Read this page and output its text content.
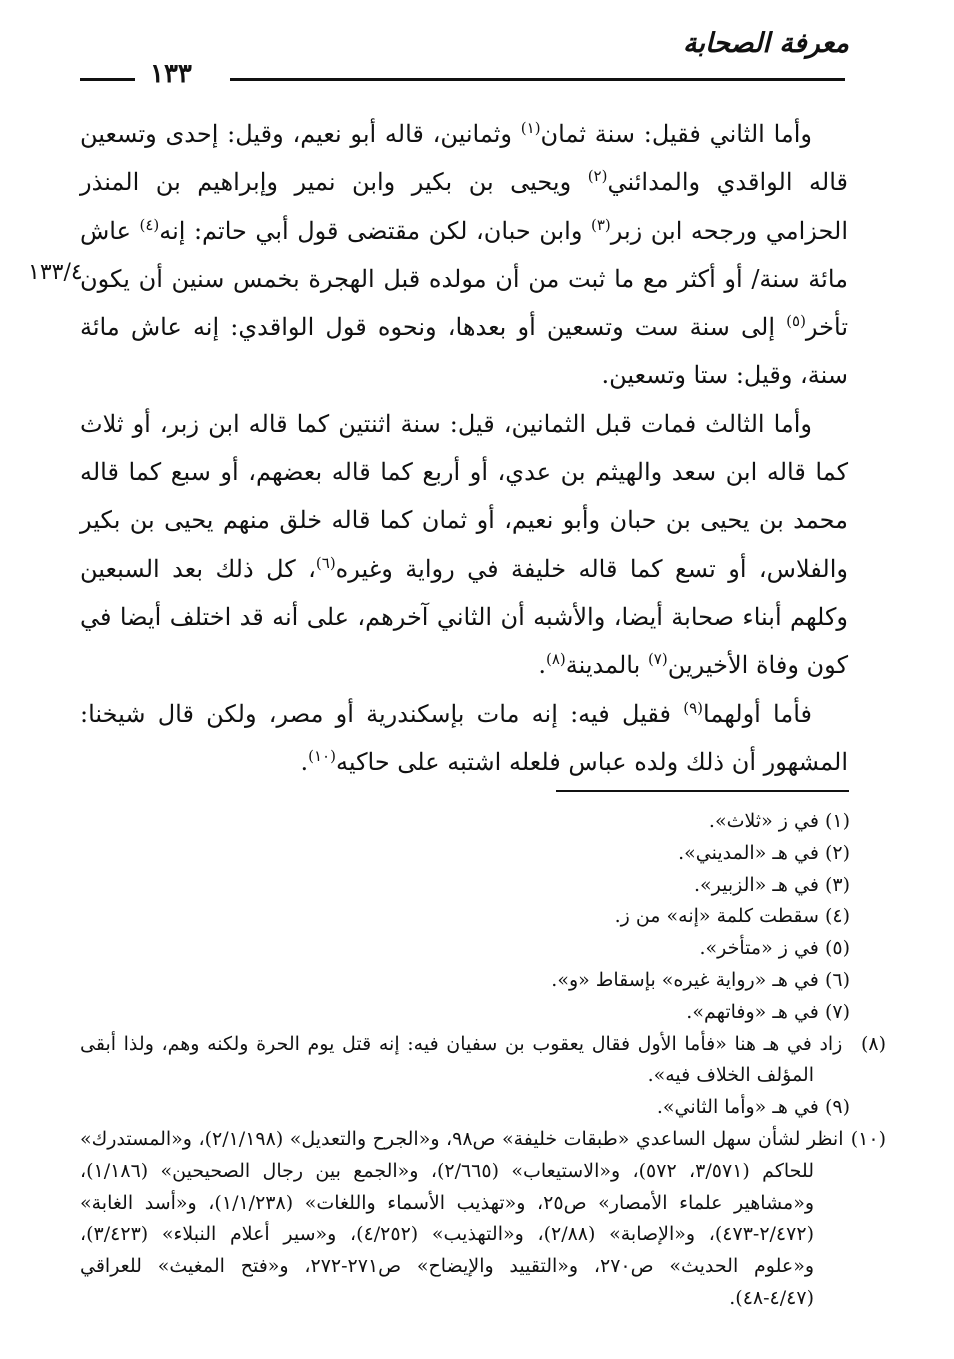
معرفة الصحابة
١٣٣
١٣٣/٤

وأما الثاني فقيل: سنة ثمان$^{(١)}$ وثمانين، قاله أبو نعيم، وقيل: إحدى وتسعين قاله الواقدي والمدائني$^{(٢)}$ ويحيى بن بكير وابن نمير وإبراهيم بن المنذر الحزامي ورجحه ابن زبر$^{(٣)}$ وابن حبان، لكن مقتضى قول أبي حاتم: إنه$^{(٤)}$ عاش مائة سنة/ أو أكثر مع ما ثبت من أن مولده قبل الهجرة بخمس سنين أن يكون تأخر$^{(٥)}$ إلى سنة ست وتسعين أو بعدها، ونحوه قول الواقدي: إنه عاش مائة سنة، وقيل: ستا وتسعين.

وأما الثالث فمات قبل الثمانين، قيل: سنة اثنتين كما قاله ابن زبر، أو ثلاث كما قاله ابن سعد والهيثم بن عدي، أو أربع كما قاله بعضهم، أو سبع كما قاله محمد بن يحيى بن حبان وأبو نعيم، أو ثمان كما قاله خلق منهم يحيى بن بكير والفلاس، أو تسع كما قاله خليفة في رواية وغيره$^{(٦)}$، كل ذلك بعد السبعين وكلهم أبناء صحابة أيضا، والأشبه أن الثاني آخرهم، على أنه قد اختلف أيضا في كون وفاة الأخيرين$^{(٧)}$ بالمدينة$^{(٨)}$.

فأما أولهما$^{(٩)}$ فقيل فيه: إنه مات بإسكندرية أو مصر، ولكن قال شيخنا: المشهور أن ذلك ولده عباس فلعله اشتبه على حاكيه$^{(١٠)}$.

(١) في ز «ثلاث».
(٢) في هـ «المديني».
(٣) في هـ «الزبير».
(٤) سقطت كلمة «إنه» من ز.
(٥) في ز «متأخر».
(٦) في هـ «رواية غيره» بإسقاط «و».
(٧) في هـ «وفاتهم».
(٨) زاد في هـ هنا «فأما الأول فقال يعقوب بن سفيان فيه: إنه قتل يوم الحرة ولكنه وهم، ولذا أبقى المؤلف الخلاف فيه».
(٩) في هـ «وأما الثاني».
(١٠) انظر لشأن سهل الساعدي «طبقات خليفة» ص٩٨، و«الجرح والتعديل» (٢/١/١٩٨)، و«المستدرك» للحاكم (٣/٥٧١، ٥٧٢)، و«الاستيعاب» (٢/٦٦٥)، و«الجمع بين رجال الصحيحين» (١/١٨٦)، و«مشاهير علماء الأمصار» ص٢٥، و«تهذيب الأسماء واللغات» (١/١/٢٣٨)، و«أسد الغابة» (٢/٤٧٢-٤٧٣)، و«الإصابة» (٢/٨٨)، و«التهذيب» (٤/٢٥٢)، و«سير أعلام النبلاء» (٣/٤٢٣)، و«علوم الحديث» ص٢٧٠، و«التقييد والإيضاح» ص٢٧١-٢٧٢، و«فتح المغيث» للعراقي (٤/٤٧-٤٨).
